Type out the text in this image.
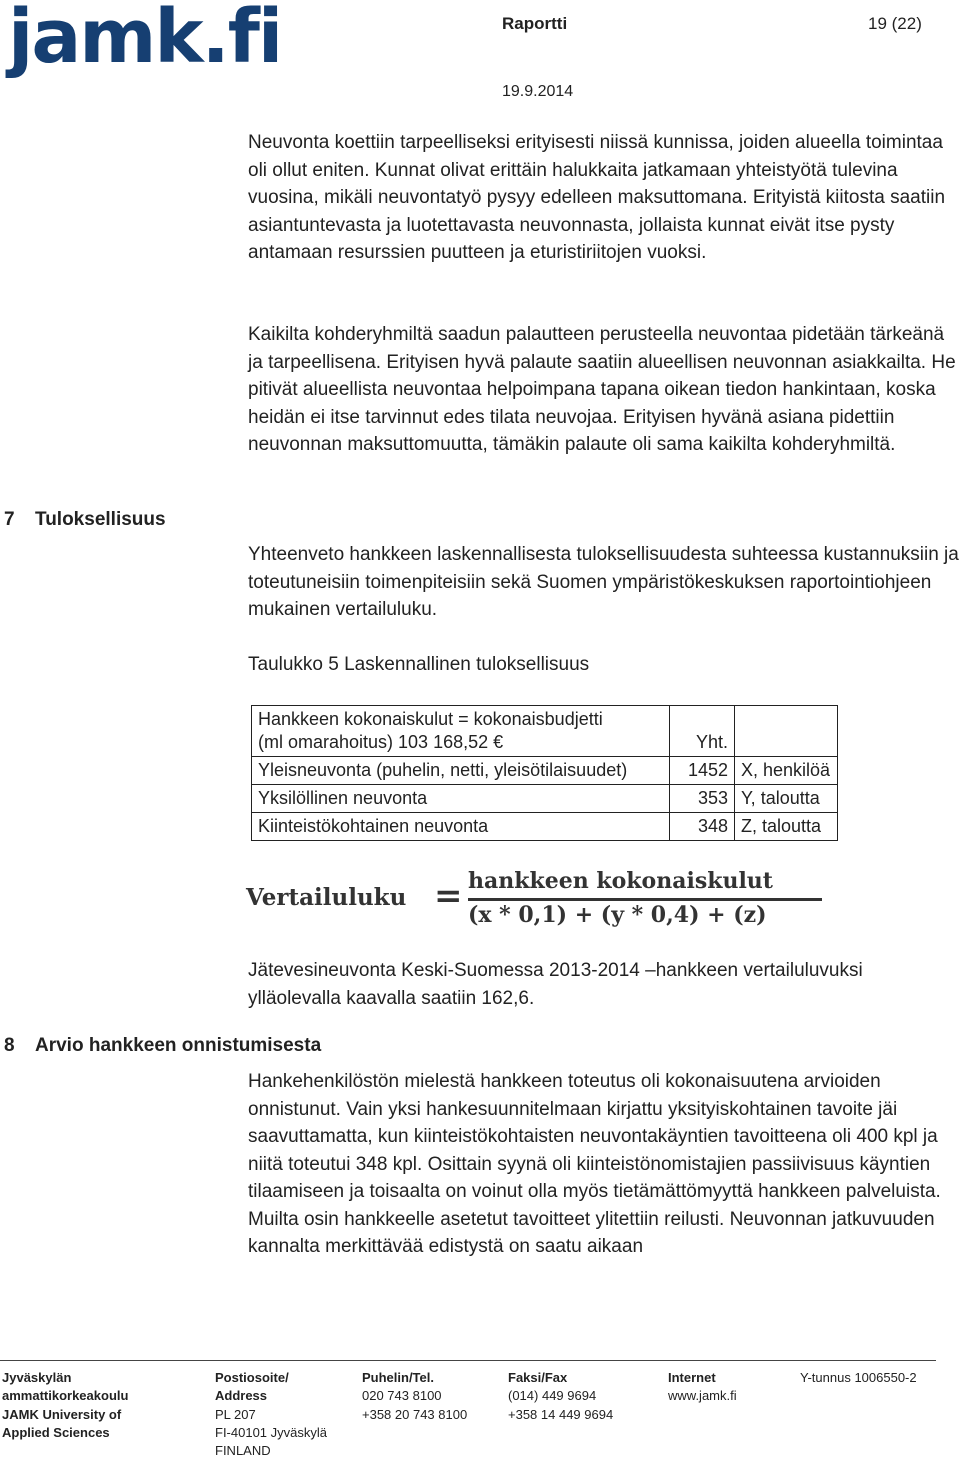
jamk.fi	Raportti	19 (22)
19.9.2014

Neuvonta koettiin tarpeelliseksi erityisesti niissä kunnissa, joiden alueella toimintaa oli ollut eniten. Kunnat olivat erittäin halukkaita jatkamaan yhteistyötä tulevina vuosina, mikäli neuvontatyö pysyy edelleen maksuttomana. Erityistä kiitosta saatiin asiantuntevasta ja luotettavasta neuvonnasta, jollaista kunnat eivät itse pysty antamaan resurssien puutteen ja eturistiriitojen vuoksi.

Kaikilta kohderyhmiltä saadun palautteen perusteella neuvontaa pidetään tärkeänä ja tarpeellisena. Erityisen hyvä palaute saatiin alueellisen neuvonnan asiakkailta. He pitivät alueellista neuvontaa helpoimpana tapana oikean tiedon hankintaan, koska heidän ei itse tarvinnut edes tilata neuvojaa. Erityisen hyvänä asiana pidettiin neuvonnan maksuttomuutta, tämäkin palaute oli sama kaikilta kohderyhmiltä.

7 Tuloksellisuus

Yhteenveto hankkeen laskennallisesta tuloksellisuudesta suhteessa kustannuksiin ja toteutuneisiin toimenpiteisiin sekä Suomen ympäristökeskuksen raportointiohjeen mukainen vertailuluku.

Taulukko 5 Laskennallinen tuloksellisuus

Hankkeen kokonaiskulut = kokonaisbudjetti
(ml omarahoitus) 103 168,52 €	Yht.	
Yleisneuvonta (puhelin, netti, yleisötilaisuudet)	1452	X, henkilöä
Yksilöllinen neuvonta	353	Y, taloutta
Kiinteistökohtainen neuvonta	348	Z, taloutta
Vertailuluku = hankkeen kokonaiskulut
(x * 0,1) + (y * 0,4) + (z)

Jätevesineuvonta Keski-Suomessa 2013-2014 –hankkeen vertailuluvuksi ylläolevalla kaavalla saatiin 162,6.

8 Arvio hankkeen onnistumisesta

Hankehenkilöstön mielestä hankkeen toteutus oli kokonaisuutena arvioiden onnistunut. Vain yksi hankesuunnitelmaan kirjattu yksityiskohtainen tavoite jäi saavuttamatta, kun kiinteistökohtaisten neuvontakäyntien tavoitteena oli 400 kpl ja niitä toteutui 348 kpl. Osittain syynä oli kiinteistönomistajien passiivisuus käyntien tilaamiseen ja toisaalta on voinut olla myös tietämättömyyttä hankkeen palveluista. Muilta osin hankkeelle asetetut tavoitteet ylitettiin reilusti. Neuvonnan jatkuvuuden kannalta merkittävää edistystä on saatu aikaan

Jyväskylän
ammattikorkeakoulu
JAMK University of
Applied Sciences
Postiosoite/
Address
PL 207
FI-40101 Jyväskylä
FINLAND
Puhelin/Tel.
020 743 8100
+358 20 743 8100
Faksi/Fax
(014) 449 9694
+358 14 449 9694
Internet
www.jamk.fi
Y-tunnus 1006550-2
